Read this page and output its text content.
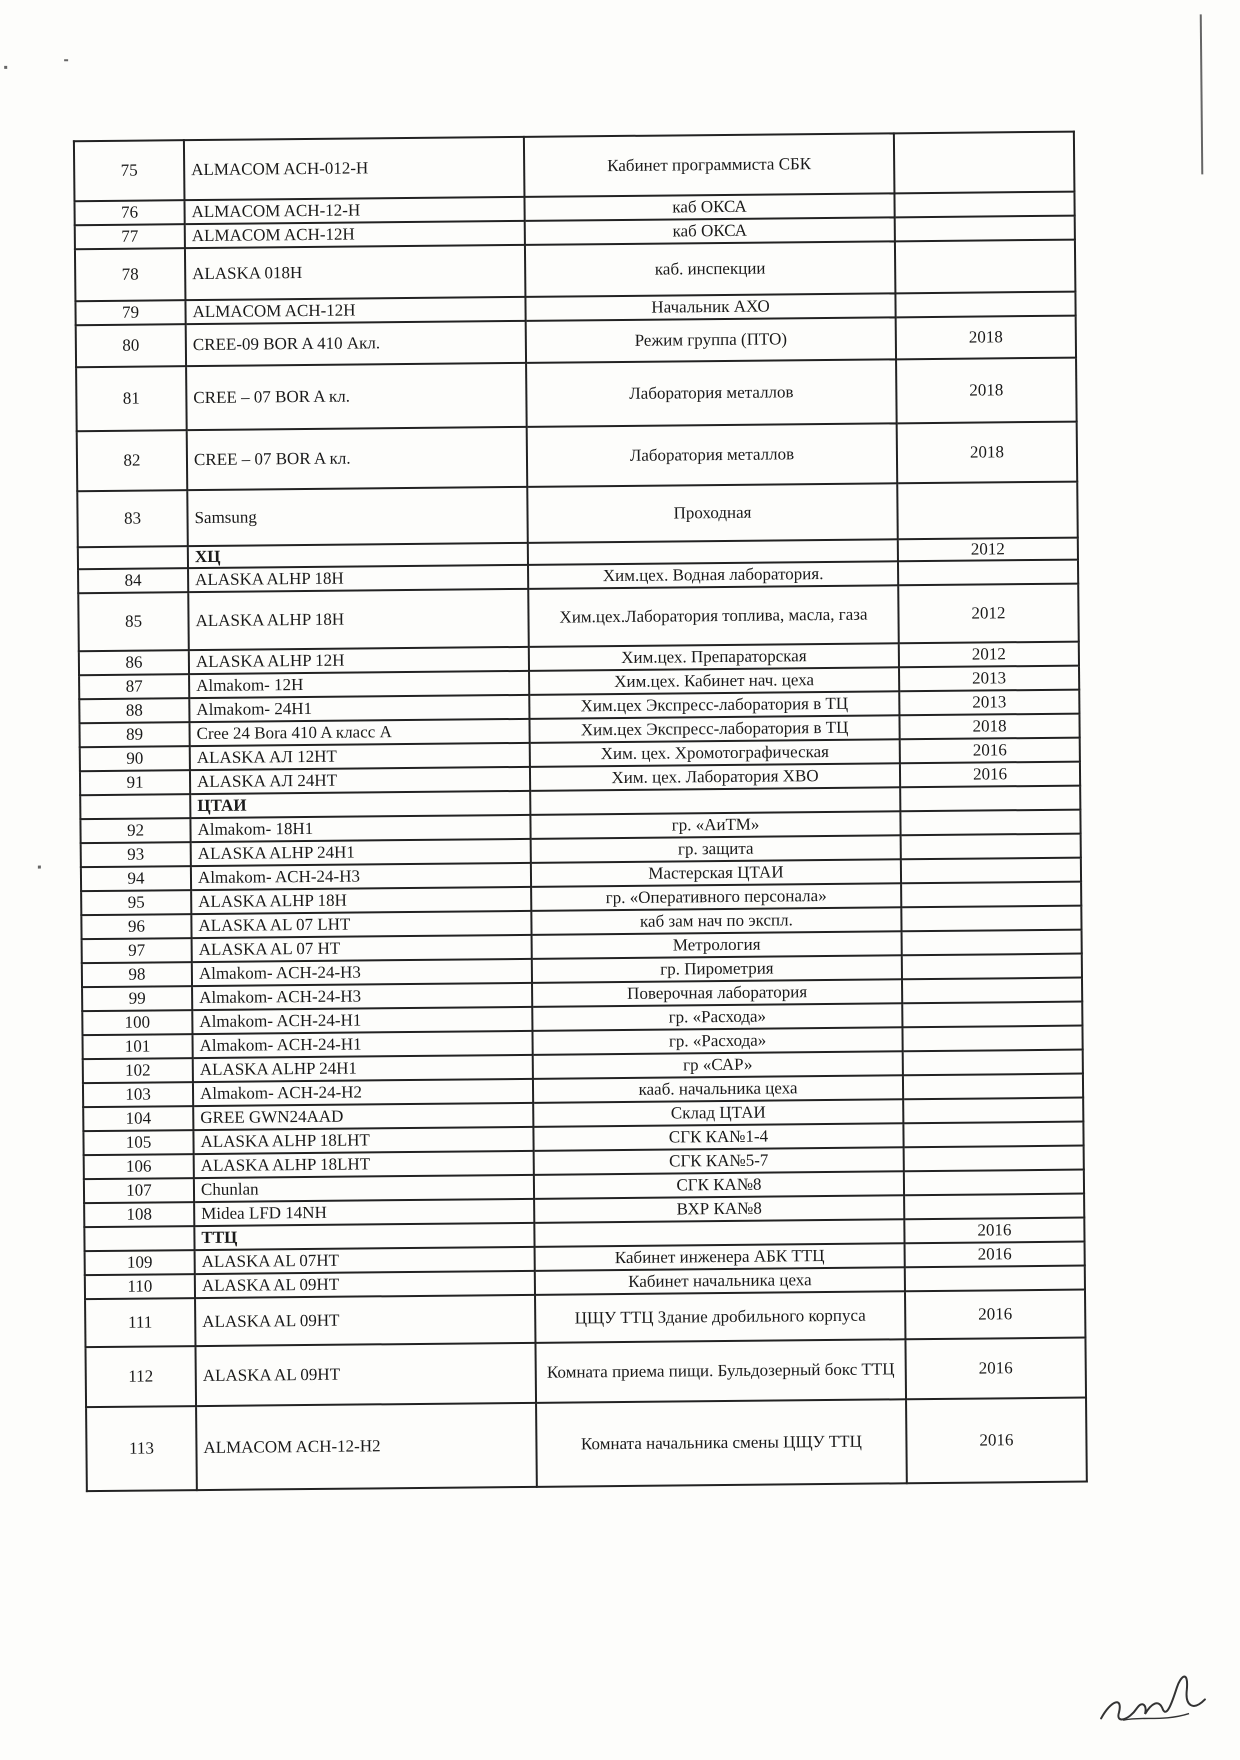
75	ALMACOM ACH-012-H	Кабинет программиста СБК	
76	ALMACOM ACH-12-H	каб ОКСА	
77	ALMACOM ACH-12H	каб ОКСА	
78	ALASKA 018H	каб. инспекции	
79	ALMACOM ACH-12H	Начальник АХО	
80	CREE-09 BOR A 410 Акл.	Режим группа (ПТО)	2018
81	CREE – 07 BOR A кл.	Лаборатория металлов	2018
82	CREE – 07 BOR A кл.	Лаборатория металлов	2018
83	Samsung	Проходная	
	ХЦ		2012
84	ALASKA ALHP 18H	Хим.цех. Водная лаборатория.	
85	ALASKA ALHP 18H	Хим.цех.Лаборатория топлива, масла, газа	2012
86	ALASKA ALHP 12H	Хим.цех. Препараторская	2012
87	Almakom- 12H	Хим.цех. Кабинет нач. цеха	2013
88	Almakom- 24H1	Хим.цех Экспресс-лаборатория в ТЦ	2013
89	Cree 24 Bora 410 A класс A	Хим.цех Экспресс-лаборатория в ТЦ	2018
90	ALASKA АЛ 12НТ	Хим. цех. Хромотографическая	2016
91	ALASKA АЛ 24НТ	Хим. цех. Лаборатория ХВО	2016
	ЦТАИ		
92	Almakom- 18H1	гр. «АиТМ»	
93	ALASKA ALHP 24H1	гр. защита	
94	Almakom- ACH-24-H3	Мастерская ЦТАИ	
95	ALASKA ALHP 18H	гр. «Оперативного персонала»	
96	ALASKA AL 07 LHT	каб зам нач по экспл.	
97	ALASKA AL 07 HT	Метрология	
98	Almakom- ACH-24-H3	гр. Пирометрия	
99	Almakom- ACH-24-H3	Поверочная лаборатория	
100	Almakom- ACH-24-H1	гр. «Расхода»	
101	Almakom- ACH-24-H1	гр. «Расхода»	
102	ALASKA ALHP 24H1	гр «САР»	
103	Almakom- ACH-24-H2	кааб. начальника цеха	
104	GREE GWN24AAD	Склад ЦТАИ	
105	ALASKA ALHP 18LHT	СГК КА№1-4	
106	ALASKA ALHP 18LHT	СГК КА№5-7	
107	Chunlan	СГК КА№8	
108	Midea LFD 14NH	ВХР КА№8	
	ТТЦ		2016
109	ALASKA AL 07HT	Кабинет инженера АБК ТТЦ	2016
110	ALASKA AL 09HT	Кабинет начальника цеха	
111	ALASKA AL 09HT	ЦЩУ ТТЦ Здание дробильного корпуса	2016
112	ALASKA AL 09HT	Комната приема пищи. Бульдозерный бокс ТТЦ	2016
113	ALMACOM ACH-12-H2	Комната начальника смены ЦЩУ ТТЦ	2016
